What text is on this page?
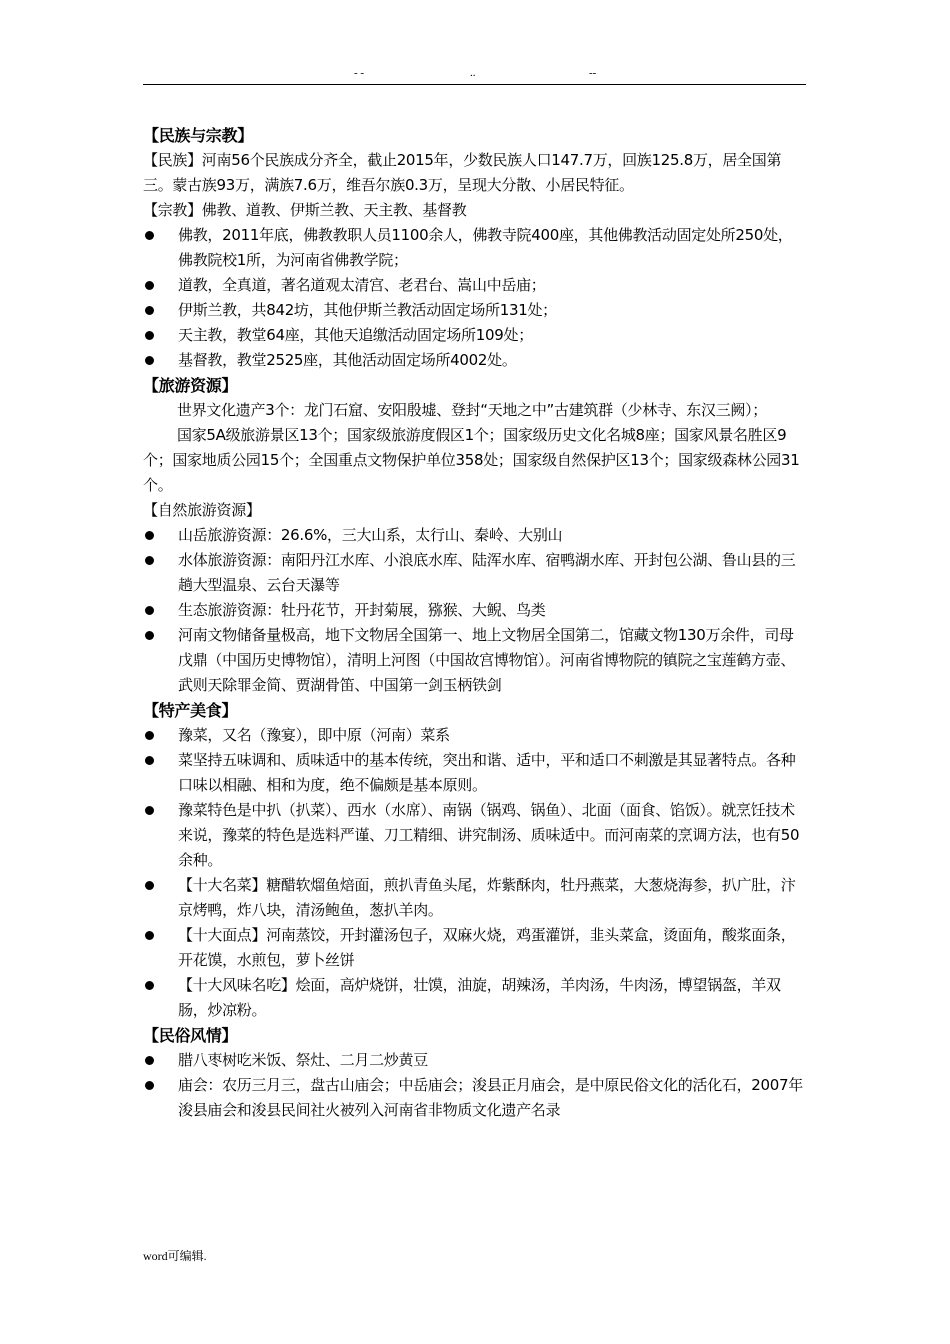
- -	..	--

【民族与宗教】

【民族】河南56个民族成分齐全，截止2015年，少数民族人口147.7万，回族125.8万，居全国第三。蒙古族93万，满族7.6万，维吾尔族0.3万，呈现大分散、小居民特征。

【宗教】佛教、道教、伊斯兰教、天主教、基督教

佛教，2011年底，佛教教职人员1100余人，佛教寺院400座，其他佛教活动固定处所250处，佛教院校1所，为河南省佛教学院；
道教，全真道，著名道观太清宫、老君台、嵩山中岳庙；
伊斯兰教，共842坊，其他伊斯兰教活动固定场所131处；
天主教，教堂64座，其他天追缴活动固定场所109处；
基督教，教堂2525座，其他活动固定场所4002处。

【旅游资源】

世界文化遗产3个：龙门石窟、安阳殷墟、登封“天地之中”古建筑群（少林寺、东汉三阙）；

国家5A级旅游景区13个；国家级旅游度假区1个；国家级历史文化名城8座；国家风景名胜区9个；国家地质公园15个；全国重点文物保护单位358处；国家级自然保护区13个；国家级森林公园31个。

【自然旅游资源】

山岳旅游资源：26.6%，三大山系，太行山、秦岭、大别山
水体旅游资源：南阳丹江水库、小浪底水库、陆浑水库、宿鸭湖水库、开封包公湖、鲁山县的三趟大型温泉、云台天瀑等
生态旅游资源：牡丹花节，开封菊展，猕猴、大鲵、鸟类
河南文物储备量极高，地下文物居全国第一、地上文物居全国第二，馆藏文物130万余件，司母戊鼎（中国历史博物馆），清明上河图（中国故宫博物馆）。河南省博物院的镇院之宝莲鹤方壶、武则天除罪金简、贾湖骨笛、中国第一剑玉柄铁剑

【特产美食】

豫菜，又名（豫宴），即中原（河南）菜系
菜坚持五味调和、质味适中的基本传统，突出和谐、适中，平和适口不刺激是其显著特点。各种口味以相融、相和为度，绝不偏颇是基本原则。
豫菜特色是中扒（扒菜）、西水（水席）、南锅（锅鸡、锅鱼）、北面（面食、馅饭）。就烹饪技术来说，豫菜的特色是选料严谨、刀工精细、讲究制汤、质味适中。而河南菜的烹调方法，也有50余种。
【十大名菜】糖醋软熘鱼焙面，煎扒青鱼头尾，炸紫酥肉，牡丹燕菜，大葱烧海参，扒广肚，汴京烤鸭，炸八块，清汤鲍鱼，葱扒羊肉。
【十大面点】河南蒸饺，开封灌汤包子，双麻火烧，鸡蛋灌饼，韭头菜盒，烫面角，酸浆面条，开花馍，水煎包，萝卜丝饼
【十大风味名吃】烩面，高炉烧饼，壮馍，油旋，胡辣汤，羊肉汤，牛肉汤，博望锅盔，羊双肠，炒凉粉。

【民俗风情】

腊八枣树吃米饭、祭灶、二月二炒黄豆
庙会：农历三月三，盘古山庙会；中岳庙会；浚县正月庙会，是中原民俗文化的活化石，2007年浚县庙会和浚县民间社火被列入河南省非物质文化遗产名录
word可编辑.
